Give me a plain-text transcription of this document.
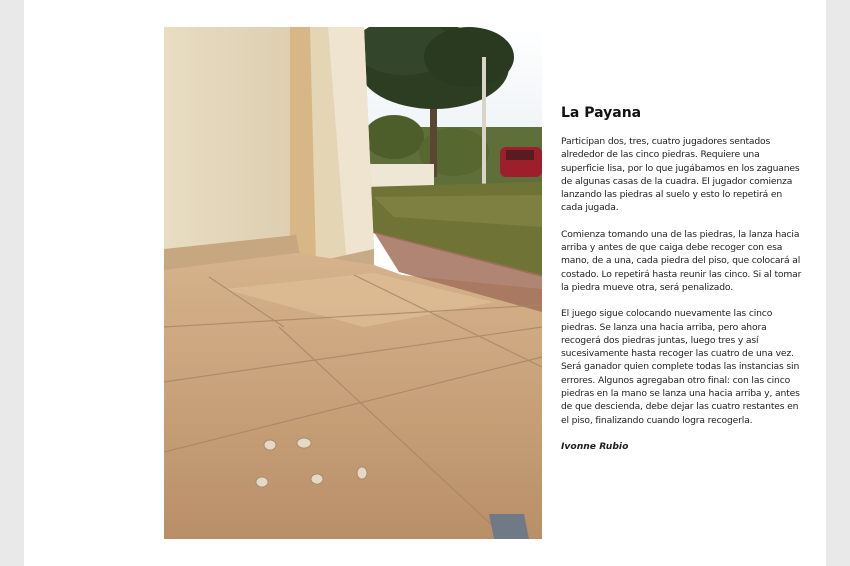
La Payana

Participan dos, tres, cuatro jugadores sentados alrededor de las cinco piedras. Requiere una superficie lisa, por lo que jugábamos en los zaguanes de algunas casas de la cuadra. El jugador comienza lanzando las piedras al suelo y esto lo repetirá en cada jugada.

Comienza tomando una de las piedras, la lanza hacia arriba y antes de que caiga debe recoger con esa mano, de a una, cada piedra del piso, que colocará al costado. Lo repetirá hasta reunir las cinco. Si al tomar la piedra mueve otra, será penalizado.

El juego sigue colocando nuevamente las cinco piedras. Se lanza una hacia arriba, pero ahora recogerá dos piedras juntas, luego tres y así sucesivamente hasta recoger las cuatro de una vez. Será ganador quien complete todas las instancias sin errores. Algunos agregaban otro final: con las cinco piedras en la mano se lanza una hacia arriba y, antes de que descienda, debe dejar las cuatro restantes en el piso, finalizando cuando logra recogerla.

Ivonne Rubio
